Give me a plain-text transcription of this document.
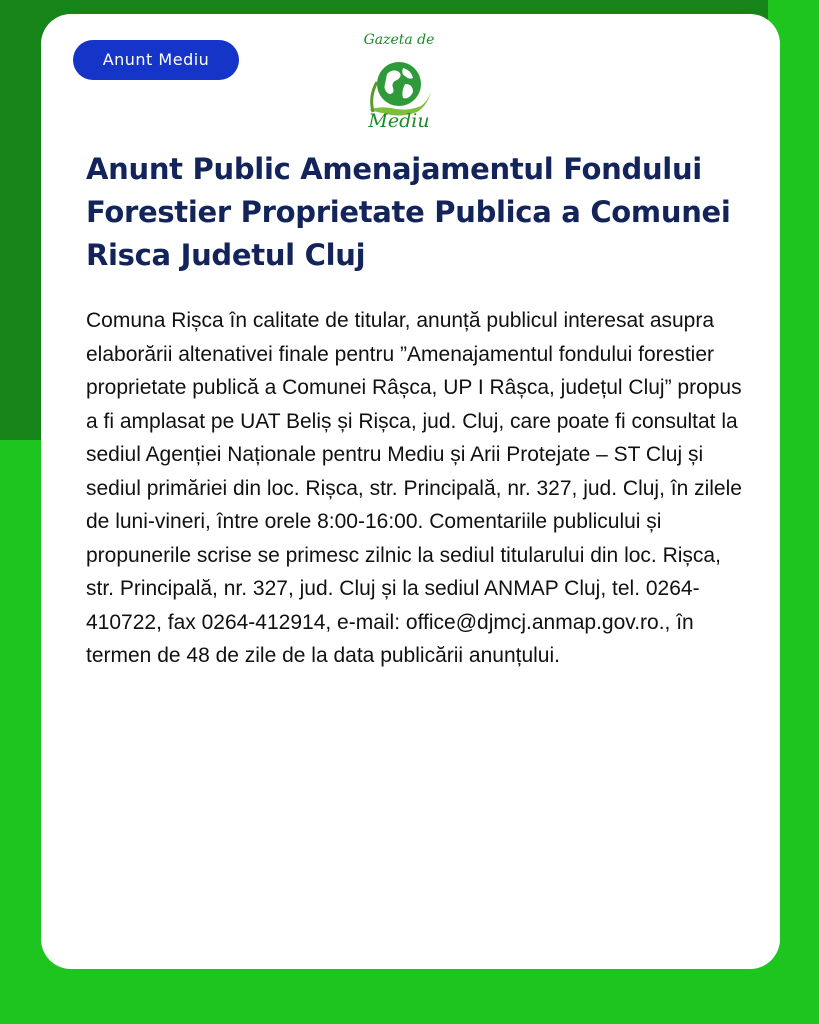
Anunt Mediu
Gazeta de
Mediu
Anunt Public Amenajamentul Fondului Forestier Proprietate Publica a Comunei Risca Judetul Cluj

Comuna Rișca în calitate de titular, anunță publicul interesat asupra elaborării altenativei finale pentru ”Amenajamentul fondului forestier proprietate publică a Comunei Râșca, UP I Râșca, județul Cluj” propus a fi amplasat pe UAT Beliș și Rișca, jud. Cluj, care poate fi consultat la sediul Agenției Naționale pentru Mediu și Arii Protejate – ST Cluj și sediul primăriei din loc. Rișca, str. Principală, nr. 327, jud. Cluj, în zilele de luni-vineri, între orele 8:00-16:00. Comentariile publicului și propunerile scrise se primesc zilnic la sediul titularului din loc. Rișca, str. Principală, nr. 327, jud. Cluj și la sediul ANMAP Cluj, tel. 0264-410722, fax 0264-412914, e-mail: office@djmcj.anmap.gov.ro., în termen de 48 de zile de la data publicării anunțului.
